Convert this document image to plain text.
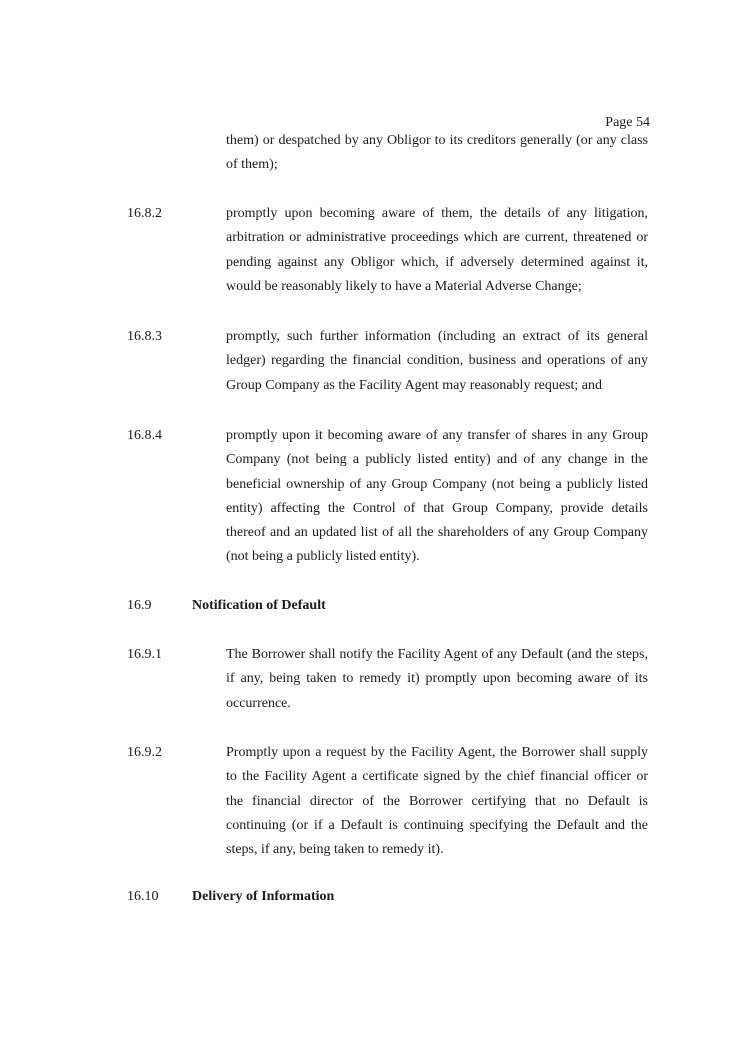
Page 54
them) or despatched by any Obligor to its creditors generally (or any class of them);
16.8.2	promptly upon becoming aware of them, the details of any litigation, arbitration or administrative proceedings which are current, threatened or pending against any Obligor which, if adversely determined against it, would be reasonably likely to have a Material Adverse Change;
16.8.3	promptly, such further information (including an extract of its general ledger) regarding the financial condition, business and operations of any Group Company as the Facility Agent may reasonably request; and
16.8.4	promptly upon it becoming aware of any transfer of shares in any Group Company (not being a publicly listed entity) and of any change in the beneficial ownership of any Group Company (not being a publicly listed entity) affecting the Control of that Group Company, provide details thereof and an updated list of all the shareholders of any Group Company (not being a publicly listed entity).
16.9	Notification of Default
16.9.1	The Borrower shall notify the Facility Agent of any Default (and the steps, if any, being taken to remedy it) promptly upon becoming aware of its occurrence.
16.9.2	Promptly upon a request by the Facility Agent, the Borrower shall supply to the Facility Agent a certificate signed by the chief financial officer or the financial director of the Borrower certifying that no Default is continuing (or if a Default is continuing specifying the Default and the steps, if any, being taken to remedy it).
16.10 Delivery of Information
